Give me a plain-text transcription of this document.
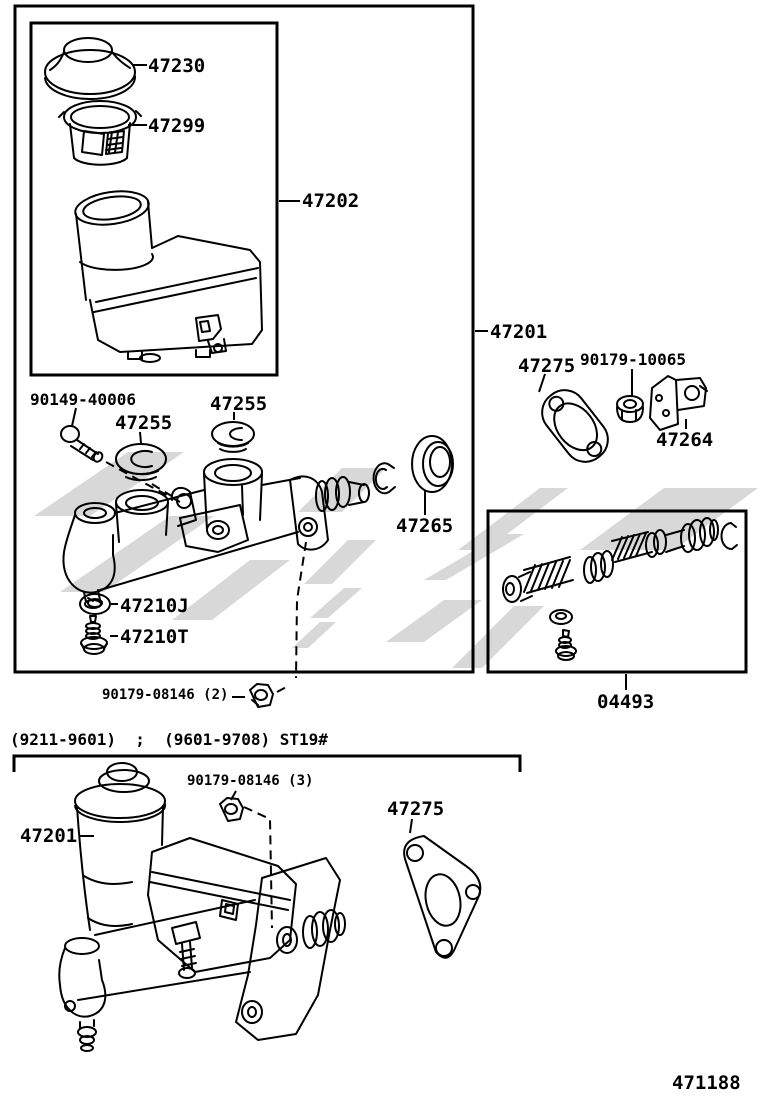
47230
47299
47202
47201
47275 90179-10065
47264
90149-40006
47255
47255
47265
47210J
47210T
90179-08146 (2)	04493
(9211-9601)  ;  (9601-9708) ST19#
47201
90179-08146 (3)
47275
471188
